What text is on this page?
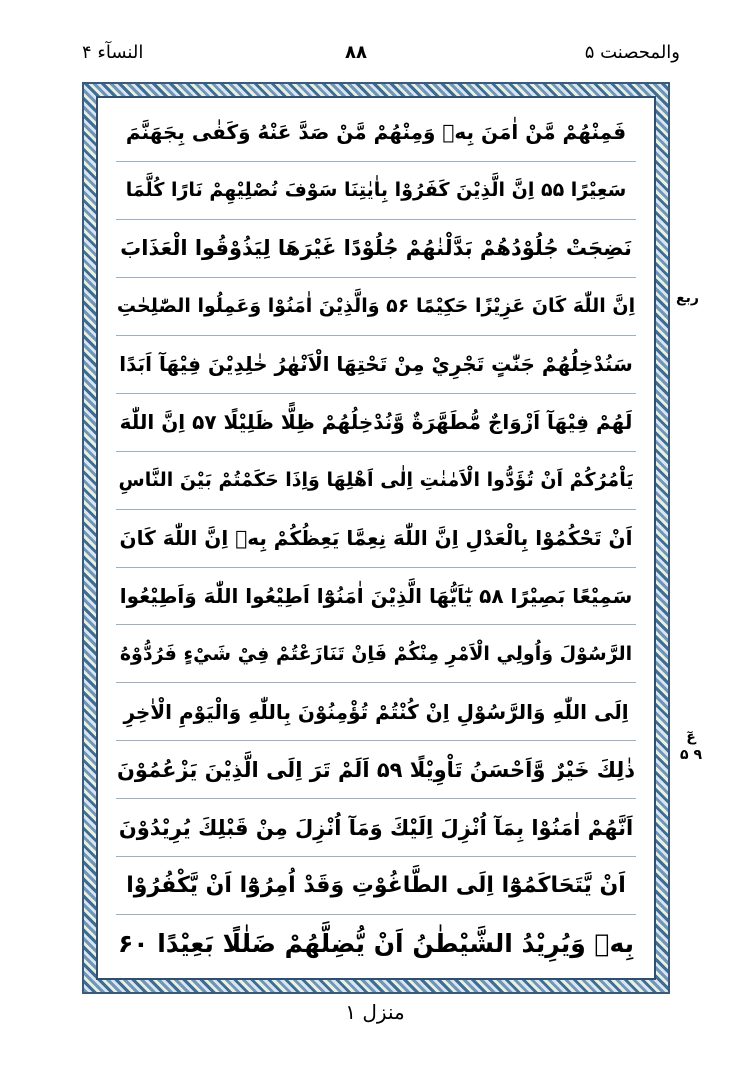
والمحصنت ۵
۸۸
النسآء ۴
فَمِنْهُمْ مَّنْ اٰمَنَ بِهٖ وَمِنْهُمْ مَّنْ صَدَّ عَنْهُ وَكَفٰى بِجَهَنَّمَ
سَعِيْرًا ۵۵ اِنَّ الَّذِيْنَ كَفَرُوْا بِاٰيٰتِنَا سَوْفَ نُصْلِيْهِمْ نَارًا كُلَّمَا
نَضِجَتْ جُلُوْدُهُمْ بَدَّلْنٰهُمْ جُلُوْدًا غَيْرَهَا لِيَذُوْقُوا الْعَذَابَ
اِنَّ اللّٰهَ كَانَ عَزِيْزًا حَكِيْمًا ۵۶ وَالَّذِيْنَ اٰمَنُوْا وَعَمِلُوا الصّٰلِحٰتِ
سَنُدْخِلُهُمْ جَنّٰتٍ تَجْرِيْ مِنْ تَحْتِهَا الْاَنْهٰرُ خٰلِدِيْنَ فِيْهَآ اَبَدًا
لَهُمْ فِيْهَآ اَزْوَاجٌ مُّطَهَّرَةٌ وَّنُدْخِلُهُمْ ظِلًّا ظَلِيْلًا ۵۷ اِنَّ اللّٰهَ
يَاْمُرُكُمْ اَنْ تُؤَدُّوا الْاَمٰنٰتِ اِلٰى اَهْلِهَا وَاِذَا حَكَمْتُمْ بَيْنَ النَّاسِ
اَنْ تَحْكُمُوْا بِالْعَدْلِ اِنَّ اللّٰهَ نِعِمَّا يَعِظُكُمْ بِهٖ اِنَّ اللّٰهَ كَانَ
سَمِيْعًا بَصِيْرًا ۵۸ يٰٓاَيُّهَا الَّذِيْنَ اٰمَنُوْٓا اَطِيْعُوا اللّٰهَ وَاَطِيْعُوا
الرَّسُوْلَ وَاُولِي الْاَمْرِ مِنْكُمْ فَاِنْ تَنَازَعْتُمْ فِيْ شَيْءٍ فَرُدُّوْهُ
اِلَى اللّٰهِ وَالرَّسُوْلِ اِنْ كُنْتُمْ تُؤْمِنُوْنَ بِاللّٰهِ وَالْيَوْمِ الْاٰخِرِ
ذٰلِكَ خَيْرٌ وَّاَحْسَنُ تَاْوِيْلًا ۵۹ اَلَمْ تَرَ اِلَى الَّذِيْنَ يَزْعُمُوْنَ
اَنَّهُمْ اٰمَنُوْا بِمَآ اُنْزِلَ اِلَيْكَ وَمَآ اُنْزِلَ مِنْ قَبْلِكَ يُرِيْدُوْنَ
اَنْ يَّتَحَاكَمُوْٓا اِلَى الطَّاغُوْتِ وَقَدْ اُمِرُوْٓا اَنْ يَّكْفُرُوْا
بِهٖ وَيُرِيْدُ الشَّيْطٰنُ اَنْ يُّضِلَّهُمْ ضَلٰلًا بَعِيْدًا ۶۰
ربع
عٓ ۹ ۵
منزل ۱
